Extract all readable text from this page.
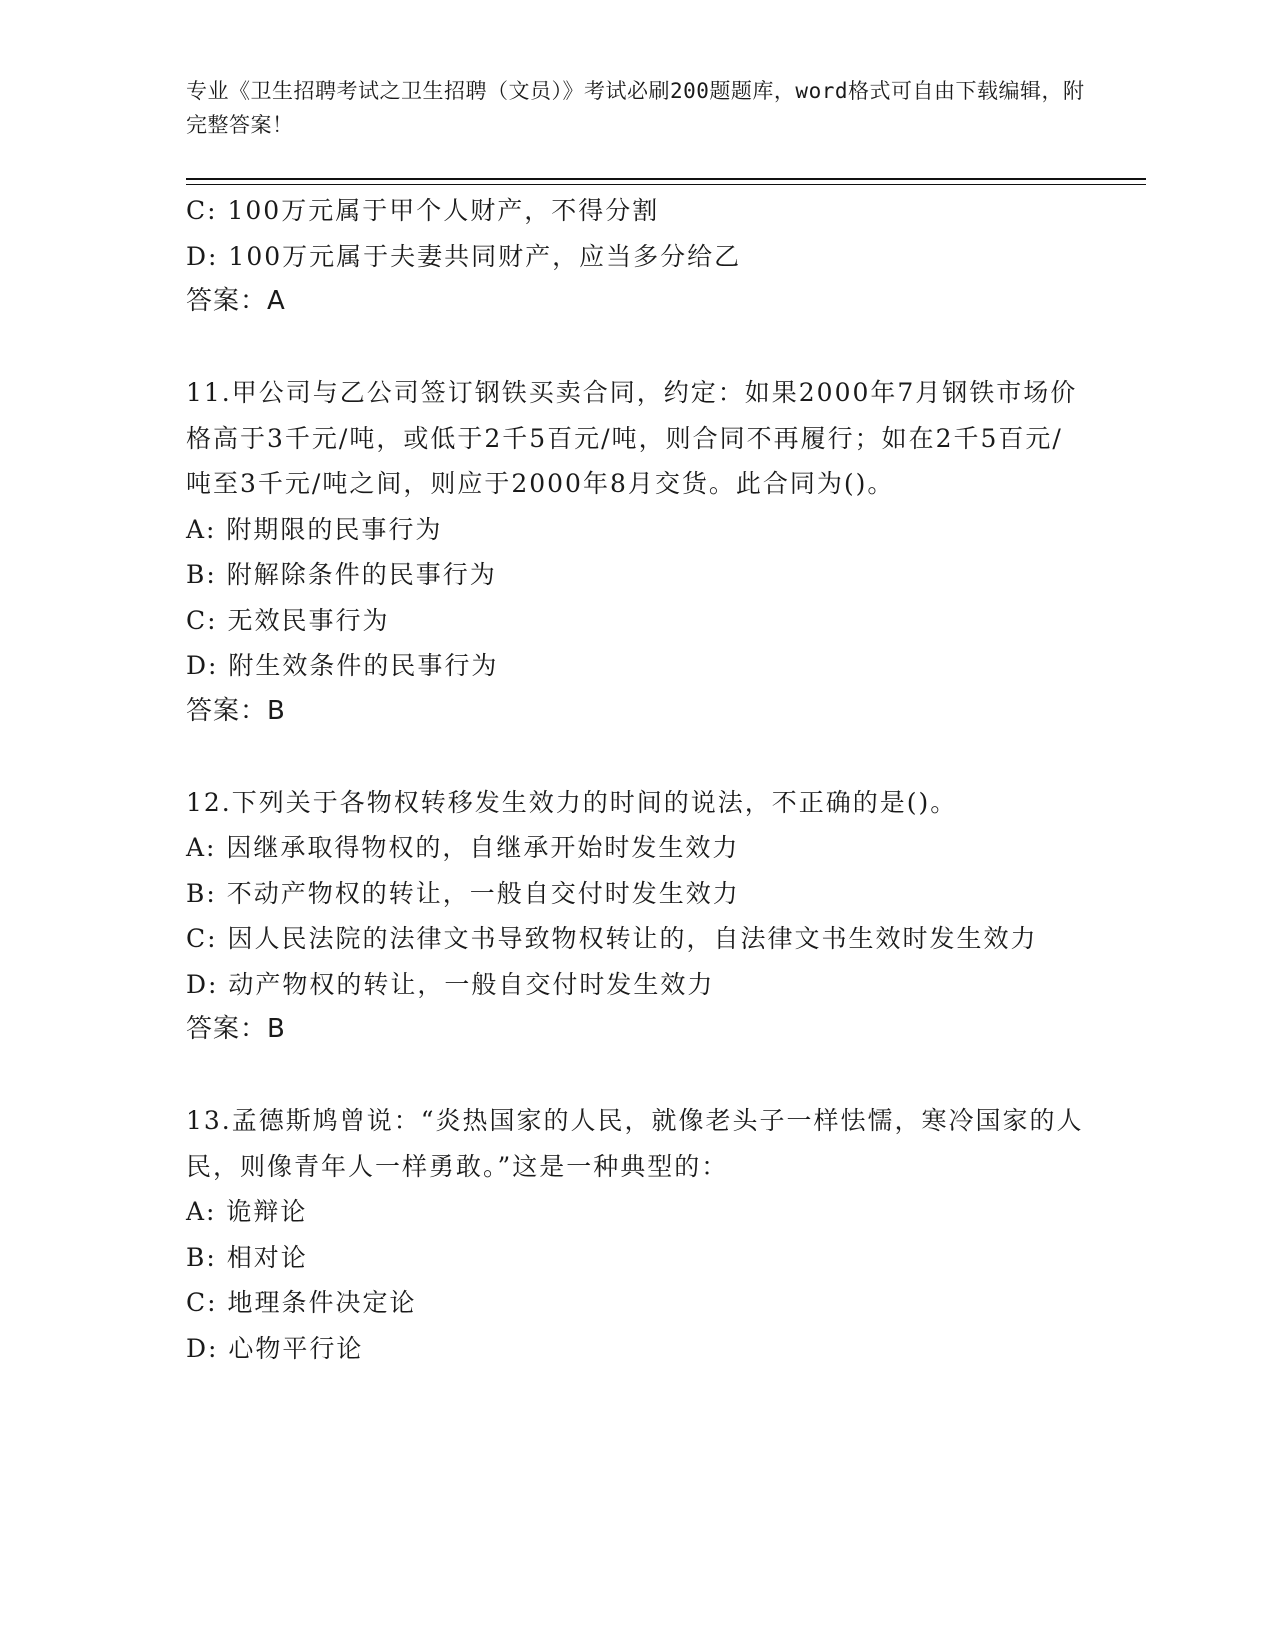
专业《卫生招聘考试之卫生招聘（文员）》考试必刷200题题库，word格式可自由下载编辑，附完整答案！

C: 100万元属于甲个人财产，不得分割

D: 100万元属于夫妻共同财产，应当多分给乙

答案：A

11.甲公司与乙公司签订钢铁买卖合同，约定：如果2000年7月钢铁市场价格高于3千元/吨，或低于2千5百元/吨，则合同不再履行；如在2千5百元/吨至3千元/吨之间，则应于2000年8月交货。此合同为()。

A: 附期限的民事行为

B: 附解除条件的民事行为

C: 无效民事行为

D: 附生效条件的民事行为

答案：B

12.下列关于各物权转移发生效力的时间的说法，不正确的是()。

A: 因继承取得物权的，自继承开始时发生效力

B: 不动产物权的转让，一般自交付时发生效力

C: 因人民法院的法律文书导致物权转让的，自法律文书生效时发生效力

D: 动产物权的转让，一般自交付时发生效力

答案：B

13.孟德斯鸠曾说：“炎热国家的人民，就像老头子一样怯懦，寒冷国家的人民，则像青年人一样勇敢。”这是一种典型的：

A: 诡辩论

B: 相对论

C: 地理条件决定论

D: 心物平行论
